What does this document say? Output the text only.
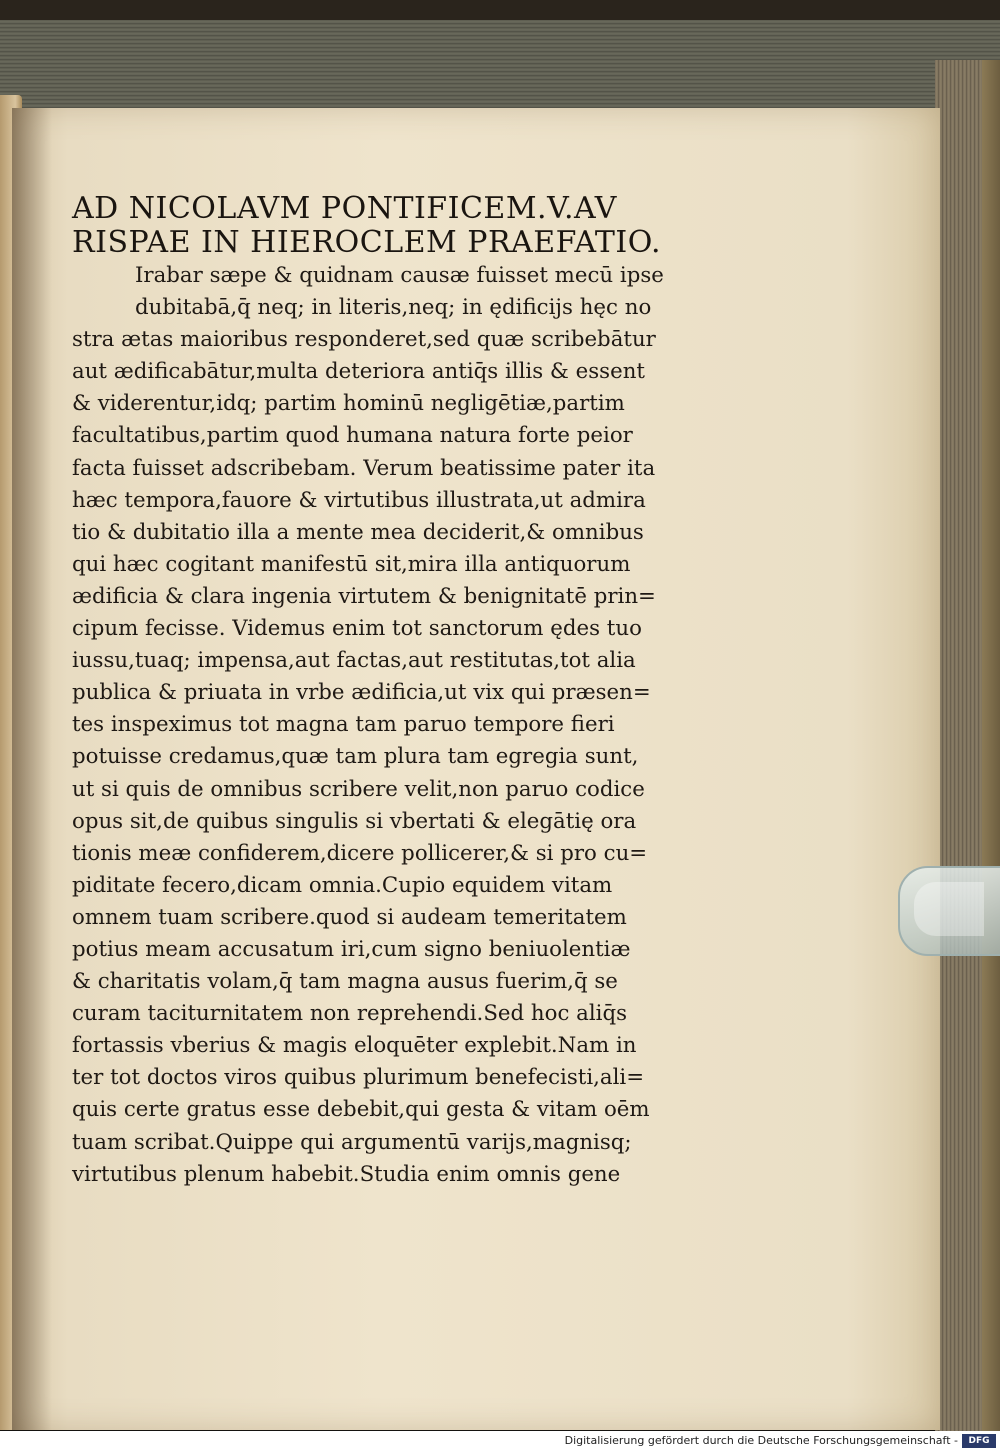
AD NICOLAVM PONTIFICEM.V.AV

RISPAE IN HIEROCLEM PRAEFATIO.

Irabar sæpe & quidnam causæ fuisset mecū ipse

dubitabā,q̄ neq; in literis,neq; in ędificijs hęc no

stra ætas maioribus responderet,sed quæ scribebātur

aut ædificabātur,multa deteriora antiq̄s illis & essent

& viderentur,idq; partim hominū negligētiæ,partim

facultatibus,partim quod humana natura forte peior

facta fuisset adscribebam. Verum beatissime pater ita

hæc tempora,fauore & virtutibus illustrata,ut admira

tio & dubitatio illa a mente mea deciderit,& omnibus

qui hæc cogitant manifestū sit,mira illa antiquorum

ædificia & clara ingenia virtutem & benignitatē prin=

cipum fecisse. Videmus enim tot sanctorum ędes tuo

iussu,tuaq; impensa,aut factas,aut restitutas,tot alia

publica & priuata in vrbe ædificia,ut vix qui præsen=

tes inspeximus tot magna tam paruo tempore fieri

potuisse credamus,quæ tam plura tam egregia sunt,

ut si quis de omnibus scribere velit,non paruo codice

opus sit,de quibus singulis si vbertati & elegātię ora

tionis meæ confiderem,dicere pollicerer,& si pro cu=

piditate fecero,dicam omnia.Cupio equidem vitam

omnem tuam scribere.quod si audeam temeritatem

potius meam accusatum iri,cum signo beniuolentiæ

& charitatis volam,q̄ tam magna ausus fuerim,q̄ se

curam taciturnitatem non reprehendi.Sed hoc aliq̄s

fortassis vberius & magis eloquēter explebit.Nam in

ter tot doctos viros quibus plurimum benefecisti,ali=

quis certe gratus esse debebit,qui gesta & vitam oēm

tuam scribat.Quippe qui argumentū varijs,magnisq;

virtutibus plenum habebit.Studia enim omnis gene

Digitalisierung gefördert durch die Deutsche Forschungsgemeinschaft -	DFG
